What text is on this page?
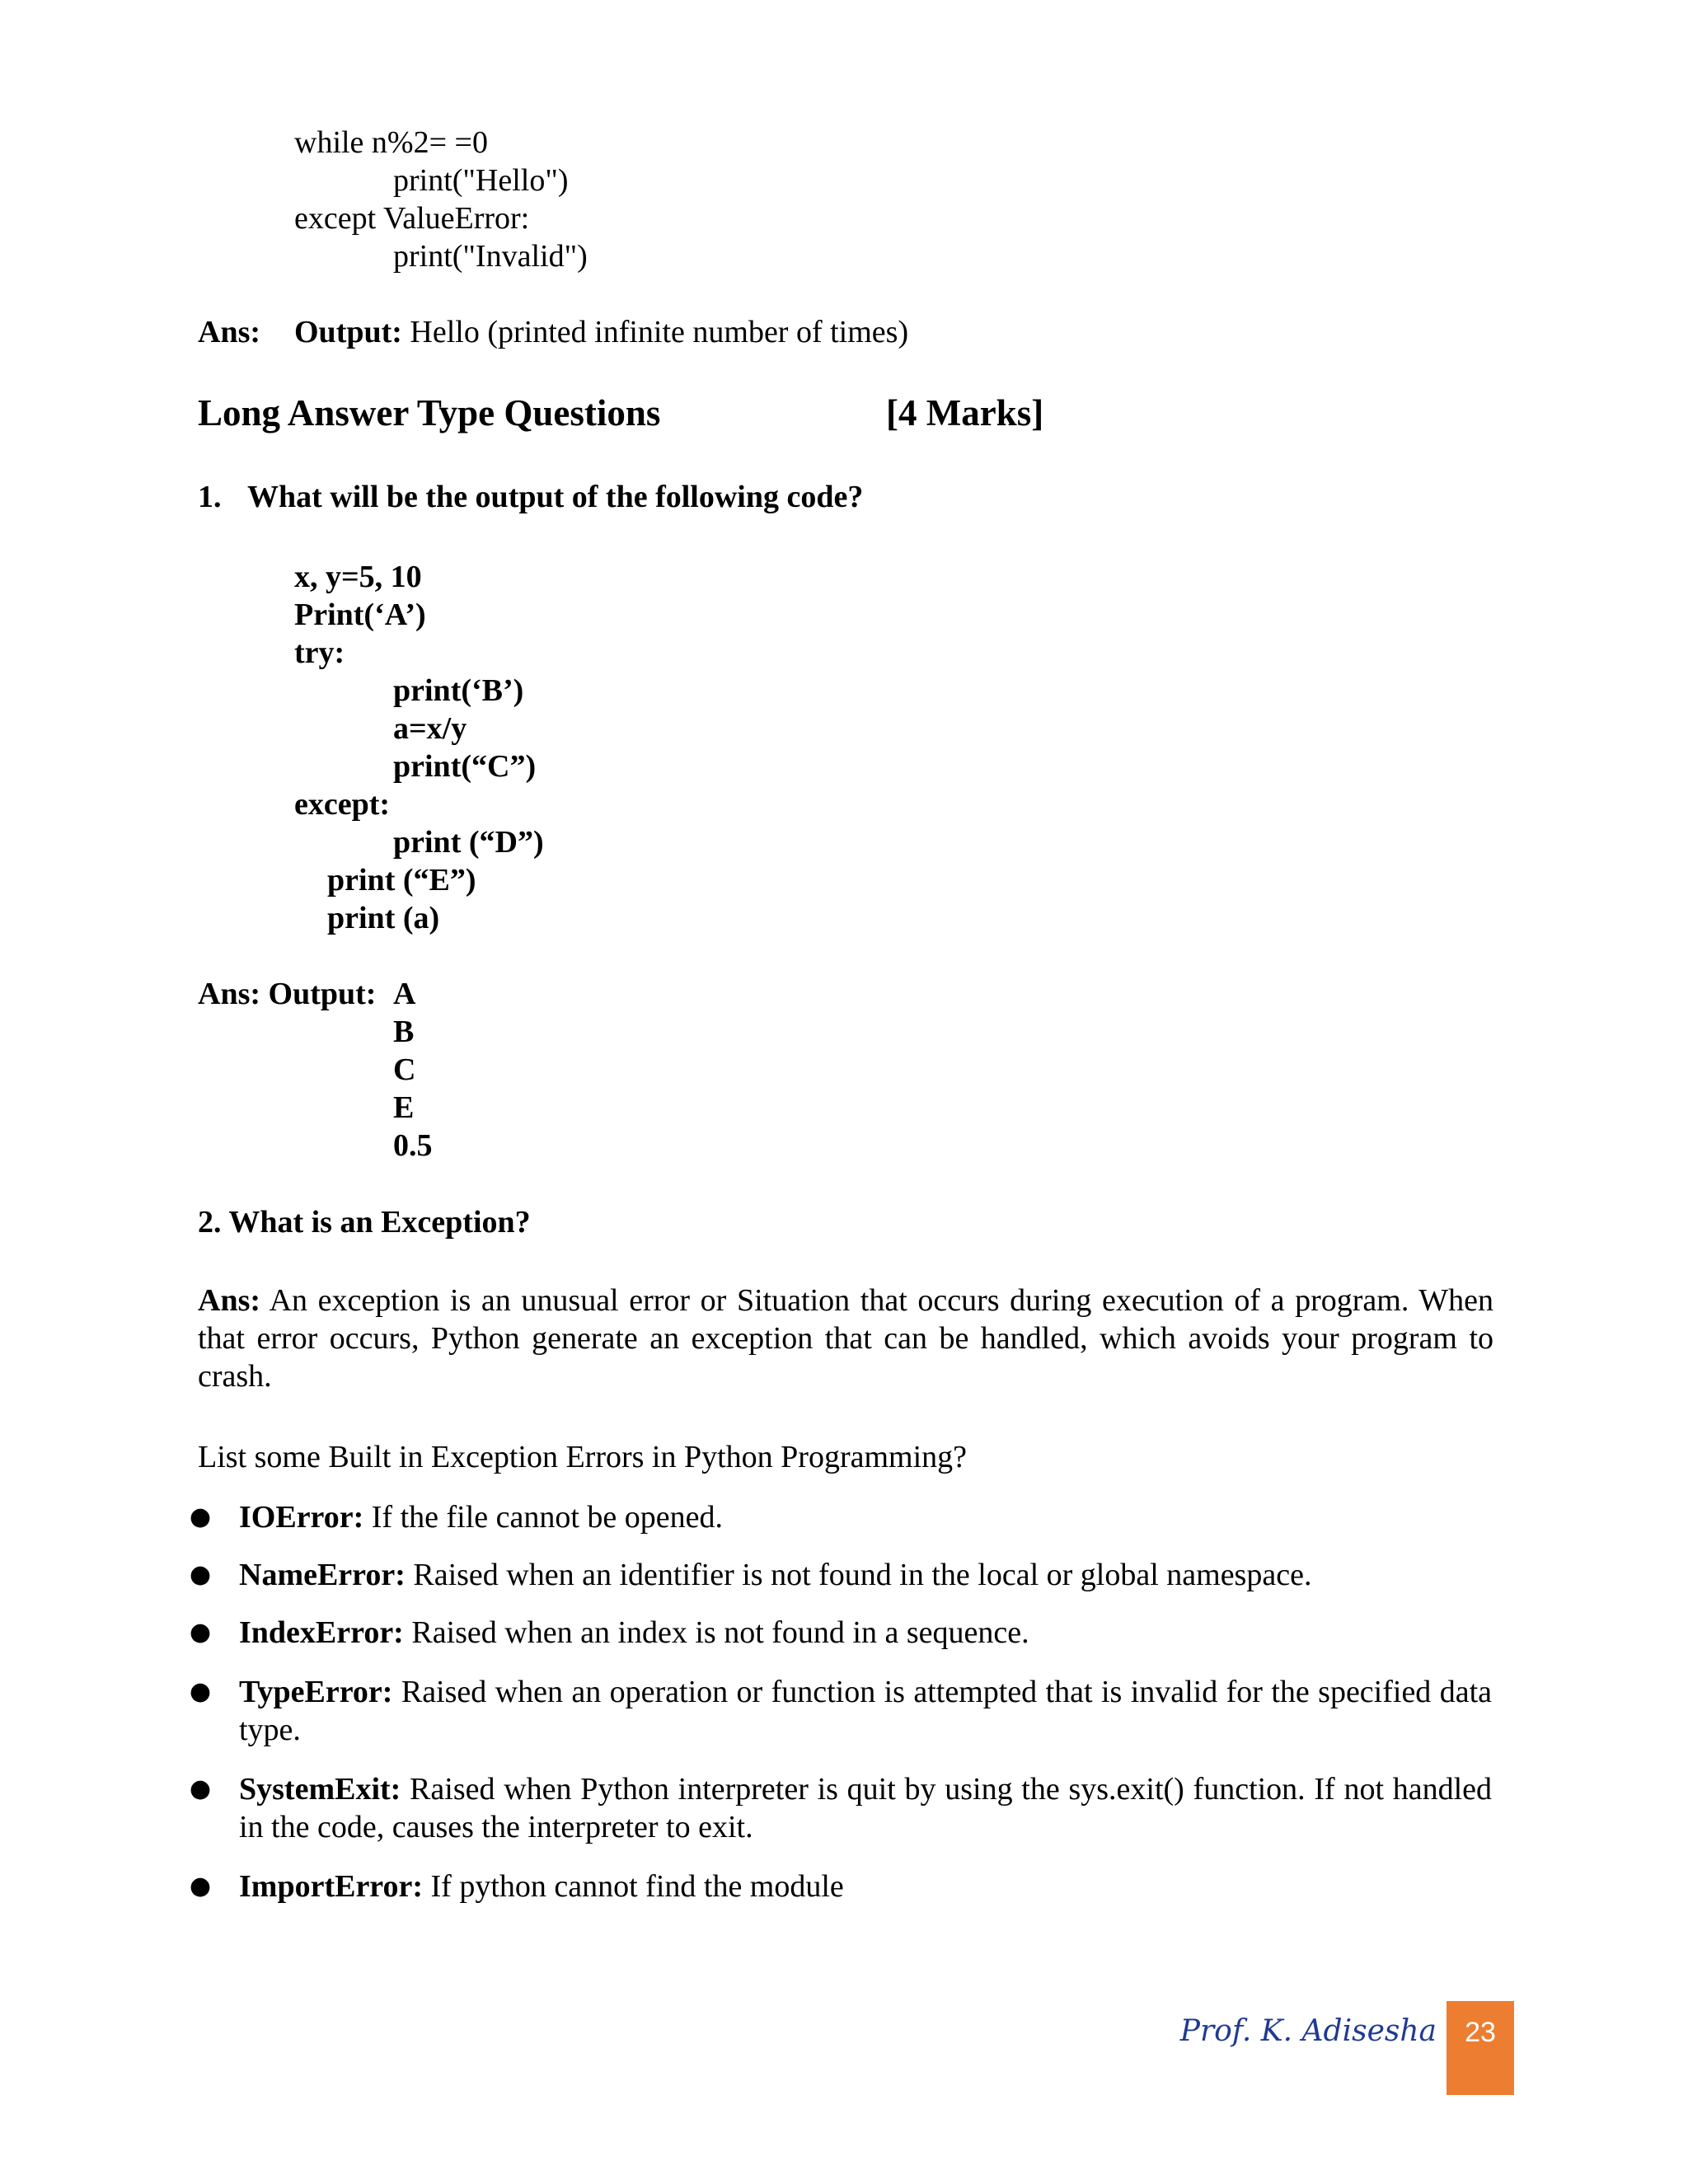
while n%2= =0
print("Hello")
except ValueError:
print("Invalid")
Ans: Output: Hello (printed infinite number of times)
Long Answer Type Questions	[4 Marks]
1. What will be the output of the following code?
x, y=5, 10
Print(‘A’)
try:
print(‘B’)
a=x/y
print(“C”)
except:
print (“D”)
print (“E”)
print (a)
Ans: Output: A
B
C
E
0.5
2. What is an Exception?
Ans: An exception is an unusual error or Situation that occurs during execution of a program. When that error occurs, Python generate an exception that can be handled, which avoids your program to crash.
List some Built in Exception Errors in Python Programming?
● IOError: If the file cannot be opened.
● NameError: Raised when an identifier is not found in the local or global namespace.
● IndexError: Raised when an index is not found in a sequence.
● TypeError: Raised when an operation or function is attempted that is invalid for the specified data type.
● SystemExit: Raised when Python interpreter is quit by using the sys.exit() function. If not handled in the code, causes the interpreter to exit.
● ImportError: If python cannot find the module
Prof. K. Adisesha	23
